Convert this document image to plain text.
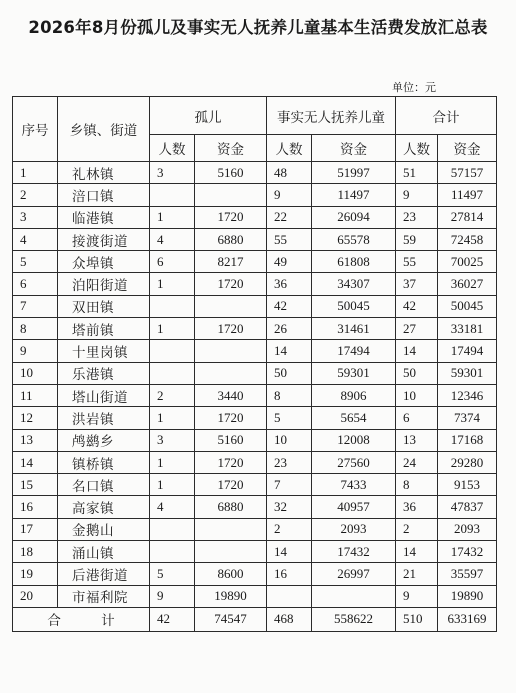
2026年8月份孤儿及事实无人抚养儿童基本生活费发放汇总表
单位：元
序号	乡镇、街道	孤儿		事实无人抚养儿童		合计	
		人数	资金	人数	资金	人数	资金
1	礼林镇	3	5160	48	51997	51	57157
2	涪口镇			9	11497	9	11497
3	临港镇	1	1720	22	26094	23	27814
4	接渡街道	4	6880	55	65578	59	72458
5	众埠镇	6	8217	49	61808	55	70025
6	泊阳街道	1	1720	36	34307	37	36027
7	双田镇			42	50045	42	50045
8	塔前镇	1	1720	26	31461	27	33181
9	十里岗镇			14	17494	14	17494
10	乐港镇			50	59301	50	59301
11	塔山街道	2	3440	8	8906	10	12346
12	洪岩镇	1	1720	5	5654	6	7374
13	鸬鹚乡	3	5160	10	12008	13	17168
14	镇桥镇	1	1720	23	27560	24	29280
15	名口镇	1	1720	7	7433	8	9153
16	高家镇	4	6880	32	40957	36	47837
17	金鹅山			2	2093	2	2093
18	涌山镇			14	17432	14	17432
19	后港街道	5	8600	16	26997	21	35597
20	市福利院	9	19890			9	19890
合 计		42	74547	468	558622	510	633169
